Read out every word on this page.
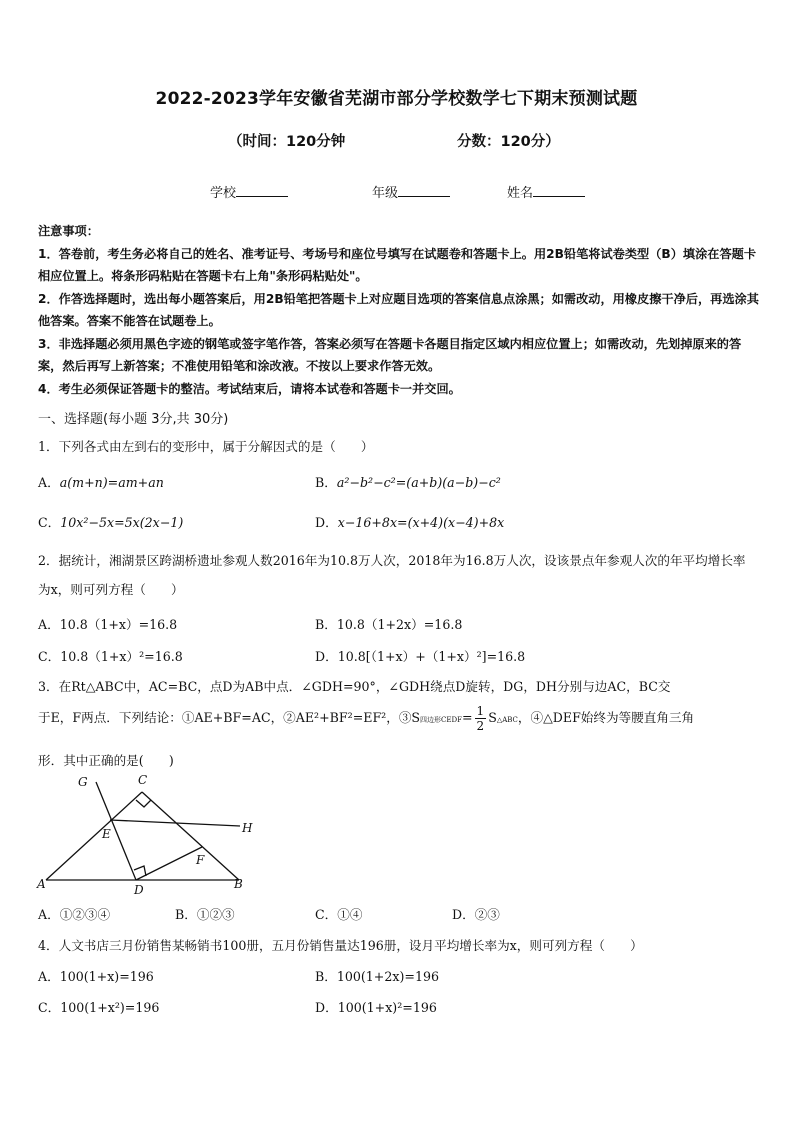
2022-2023学年安徽省芜湖市部分学校数学七下期末预测试题
（时间：120分钟	分数：120分）
学校	年级	姓名
注意事项：
1．答卷前，考生务必将自己的姓名、准考证号、考场号和座位号填写在试题卷和答题卡上。用2B铅笔将试卷类型（B）填涂在答题卡相应位置上。将条形码粘贴在答题卡右上角"条形码粘贴处"。
2．作答选择题时，选出每小题答案后，用2B铅笔把答题卡上对应题目选项的答案信息点涂黑；如需改动，用橡皮擦干净后，再选涂其他答案。答案不能答在试题卷上。
3．非选择题必须用黑色字迹的钢笔或签字笔作答，答案必须写在答题卡各题目指定区域内相应位置上；如需改动，先划掉原来的答案，然后再写上新答案；不准使用铅笔和涂改液。不按以上要求作答无效。
4．考生必须保证答题卡的整洁。考试结束后，请将本试卷和答题卡一并交回。
一、选择题(每小题 3分,共 30分)
1．下列各式由左到右的变形中，属于分解因式的是（　　）
A．a(m+n)=am+an	B．a²−b²−c²=(a+b)(a−b)−c²
C．10x²−5x=5x(2x−1)	D．x−16+8x=(x+4)(x−4)+8x
2．据统计，湘湖景区跨湖桥遗址参观人数2016年为10.8万人次，2018年为16.8万人次，设该景点年参观人次的年平均增长率为x，则可列方程（　　）
A．10.8（1+x）=16.8	B．10.8（1+2x）=16.8
C．10.8（1+x）²=16.8	D．10.8[（1+x）+（1+x）²]=16.8
3．在Rt△ABC中，AC=BC，点D为AB中点．∠GDH=90°，∠GDH绕点D旋转，DG，DH分别与边AC，BC交
于E，F两点．下列结论：①AE+BF=AC，②AE²+BF²=EF²，③S四边形CEDF= $\frac{1}{2}$ S△ABC，④△DEF始终为等腰直角三角
形．其中正确的是(　　)
G	C
E	H
F
A	D	B
A．①②③④	B．①②③	C．①④	D．②③
4．人文书店三月份销售某畅销书100册，五月份销售量达196册，设月平均增长率为x，则可列方程（　　）
A．100(1+x)=196	B．100(1+2x)=196
C．100(1+x²)=196	D．100(1+x)²=196
